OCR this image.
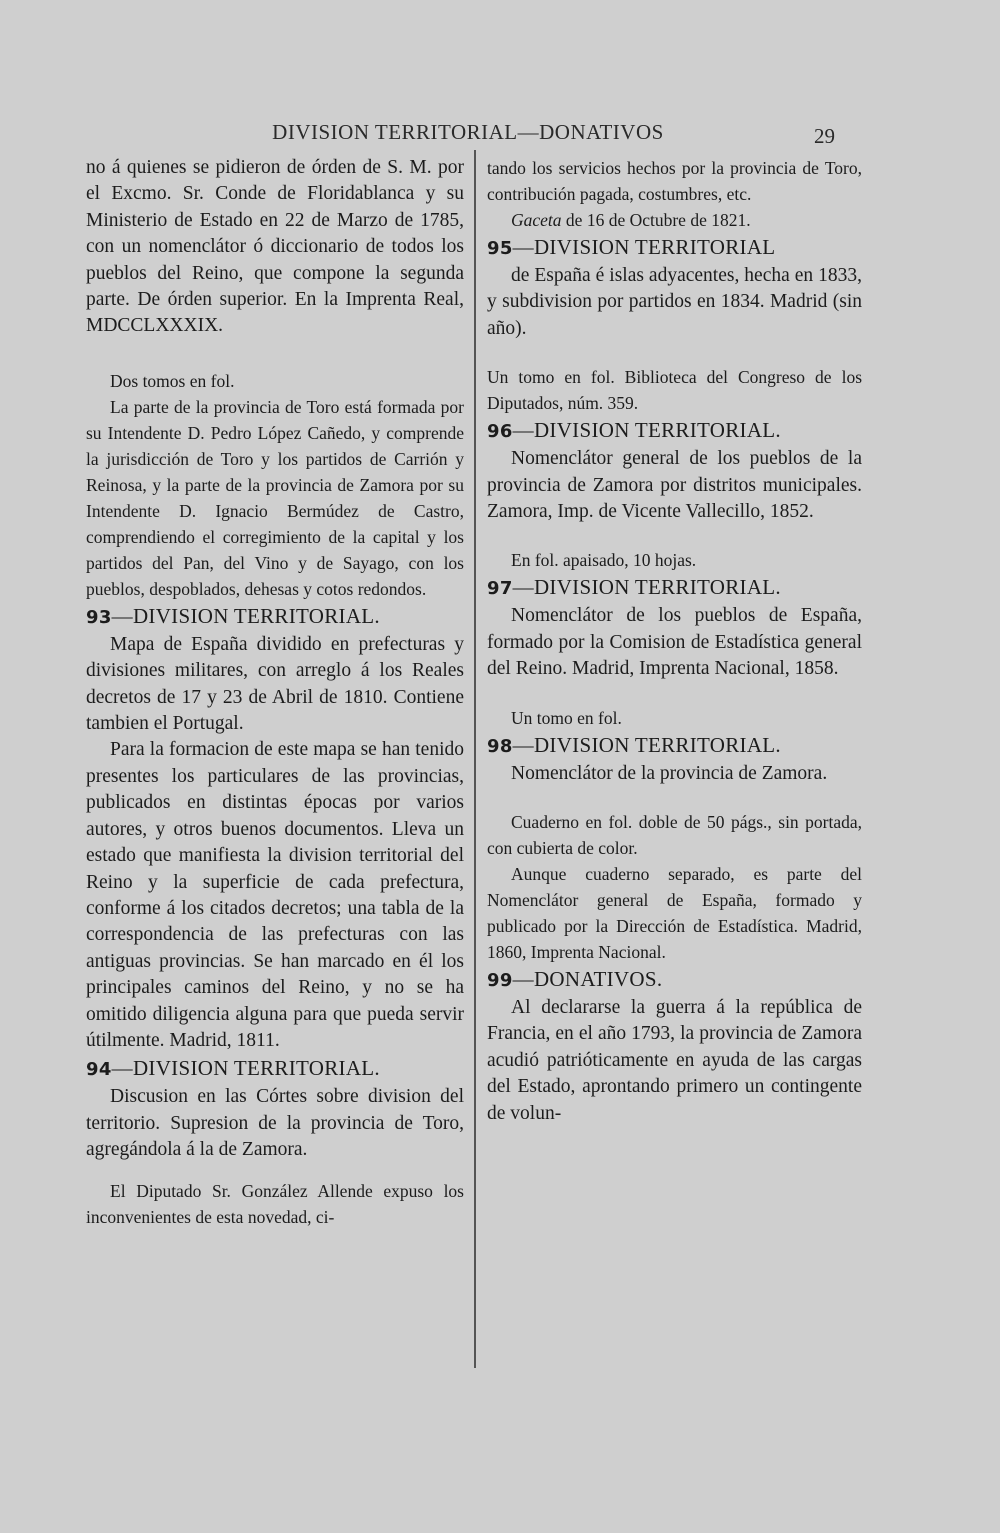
DIVISION TERRITORIAL—DONATIVOS	29

no á quienes se pidieron de órden de S. M. por el Excmo. Sr. Conde de Floridablanca y su Ministerio de Estado en 22 de Marzo de 1785, con un nomenclátor ó diccionario de todos los pueblos del Reino, que compone la segunda parte. De órden superior. En la Imprenta Real, MDCCLXXXIX.

Dos tomos en fol.

La parte de la provincia de Toro está formada por su Intendente D. Pedro López Cañedo, y comprende la jurisdicción de Toro y los partidos de Carrión y Reinosa, y la parte de la provincia de Zamora por su Intendente D. Ignacio Bermúdez de Castro, comprendiendo el corregimiento de la capital y los partidos del Pan, del Vino y de Sayago, con los pueblos, despoblados, dehesas y cotos redondos.

93—DIVISION TERRITORIAL.

Mapa de España dividido en prefecturas y divisiones militares, con arreglo á los Reales decretos de 17 y 23 de Abril de 1810. Contiene tambien el Portugal.

Para la formacion de este mapa se han tenido presentes los particulares de las provincias, publicados en distintas épocas por varios autores, y otros buenos documentos. Lleva un estado que manifiesta la division territorial del Reino y la superficie de cada prefectura, conforme á los citados decretos; una tabla de la correspondencia de las prefecturas con las antiguas provincias. Se han marcado en él los principales caminos del Reino, y no se ha omitido diligencia alguna para que pueda servir útilmente. Madrid, 1811.

94—DIVISION TERRITORIAL.

Discusion en las Córtes sobre division del territorio. Supresion de la provincia de Toro, agregándola á la de Zamora.

El Diputado Sr. González Allende expuso los inconvenientes de esta novedad, ci-

tando los servicios hechos por la provincia de Toro, contribución pagada, costumbres, etc.

Gaceta de 16 de Octubre de 1821.

95—DIVISION TERRITORIAL

de España é islas adyacentes, hecha en 1833, y subdivision por partidos en 1834. Madrid (sin año).

Un tomo en fol. Biblioteca del Congreso de los Diputados, núm. 359.

96—DIVISION TERRITORIAL.

Nomenclátor general de los pueblos de la provincia de Zamora por distritos municipales. Zamora, Imp. de Vicente Vallecillo, 1852.

En fol. apaisado, 10 hojas.

97—DIVISION TERRITORIAL.

Nomenclátor de los pueblos de España, formado por la Comision de Estadística general del Reino. Madrid, Imprenta Nacional, 1858.

Un tomo en fol.

98—DIVISION TERRITORIAL.

Nomenclátor de la provincia de Zamora.

Cuaderno en fol. doble de 50 págs., sin portada, con cubierta de color.

Aunque cuaderno separado, es parte del Nomenclátor general de España, formado y publicado por la Dirección de Estadística. Madrid, 1860, Imprenta Nacional.

99—DONATIVOS.

Al declararse la guerra á la república de Francia, en el año 1793, la provincia de Zamora acudió patrióticamente en ayuda de las cargas del Estado, aprontando primero un contingente de volun-
